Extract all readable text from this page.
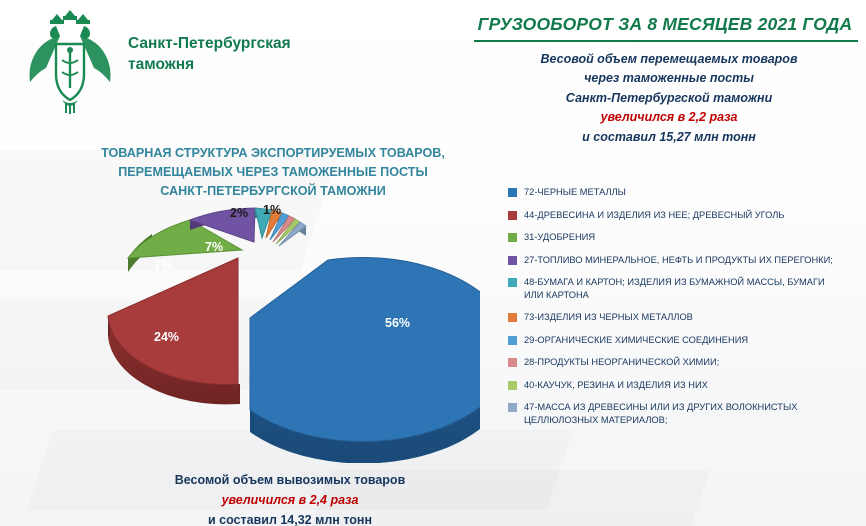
Санкт-Петербургская таможня
ГРУЗООБОРОТ ЗА 8 МЕСЯЦЕВ 2021 ГОДА
Весовой объем перемещаемых товаров
через таможенные посты
Санкт-Петербургской таможни
увеличился в 2,2 раза
и составил 15,27 млн тонн
ТОВАРНАЯ СТРУКТУРА ЭКСПОРТИРУЕМЫХ ТОВАРОВ,
ПЕРЕМЕЩАЕМЫХ ЧЕРЕЗ ТАМОЖЕННЫЕ ПОСТЫ
САНКТ-ПЕТЕРБУРГСКОЙ ТАМОЖНИ
56%
24%
7%
7%
2% 1%
Весомой объем вывозимых товаров
увеличился в 2,4 раза
и составил 14,32 млн тонн
72-ЧЕРНЫЕ МЕТАЛЛЫ
44-ДРЕВЕСИНА И ИЗДЕЛИЯ ИЗ НЕЕ; ДРЕВЕСНЫЙ УГОЛЬ
31-УДОБРЕНИЯ
27-ТОПЛИВО МИНЕРАЛЬНОЕ, НЕФТЬ И ПРОДУКТЫ ИХ ПЕРЕГОНКИ;
48-БУМАГА И КАРТОН; ИЗДЕЛИЯ ИЗ БУМАЖНОЙ МАССЫ, БУМАГИ ИЛИ КАРТОНА
73-ИЗДЕЛИЯ ИЗ ЧЕРНЫХ МЕТАЛЛОВ
29-ОРГАНИЧЕСКИЕ ХИМИЧЕСКИЕ СОЕДИНЕНИЯ
28-ПРОДУКТЫ НЕОРГАНИЧЕСКОЙ ХИМИИ;
40-КАУЧУК, РЕЗИНА И ИЗДЕЛИЯ ИЗ НИХ
47-МАССА ИЗ ДРЕВЕСИНЫ ИЛИ ИЗ ДРУГИХ ВОЛОКНИСТЫХ ЦЕЛЛЮЛОЗНЫХ МАТЕРИАЛОВ;
